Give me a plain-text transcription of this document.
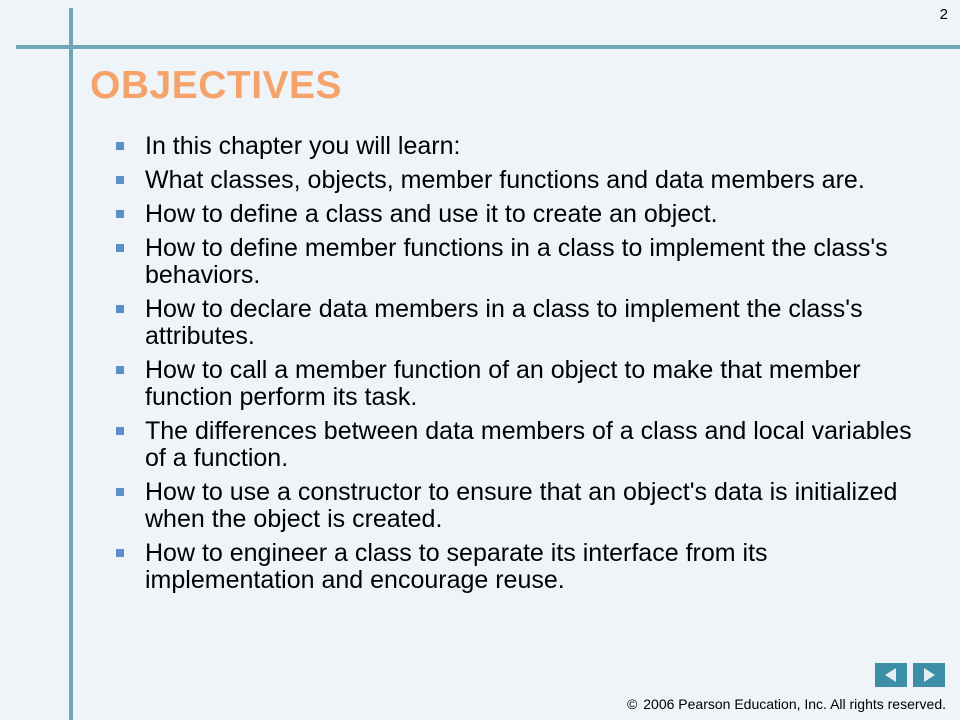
2
OBJECTIVES
In this chapter you will learn:
What classes, objects, member functions and data members are.
How to define a class and use it to create an object.
How to define member functions in a class to implement the class's behaviors.
How to declare data members in a class to implement the class's attributes.
How to call a member function of an object to make that member function perform its task.
The differences between data members of a class and local variables of a function.
How to use a constructor to ensure that an object's data is initialized when the object is created.
How to engineer a class to separate its interface from its implementation and encourage reuse.
© 2006 Pearson Education, Inc. All rights reserved.
